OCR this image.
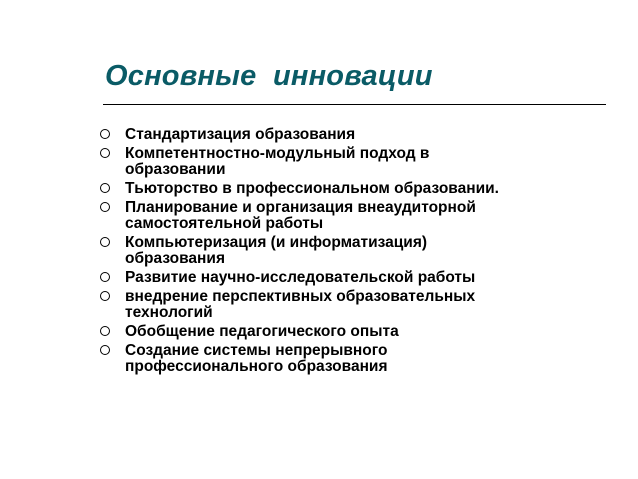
Основные  инновации
Стандартизация образования
Компетентностно-модульный подход в
образовании
Тьюторство в профессиональном образовании.
Планирование и организация внеаудиторной
самостоятельной работы
Компьютеризация (и информатизация)
образования
Развитие научно-исследовательской работы
внедрение перспективных образовательных
технологий
Обобщение педагогического опыта
Создание системы непрерывного
профессионального образования
